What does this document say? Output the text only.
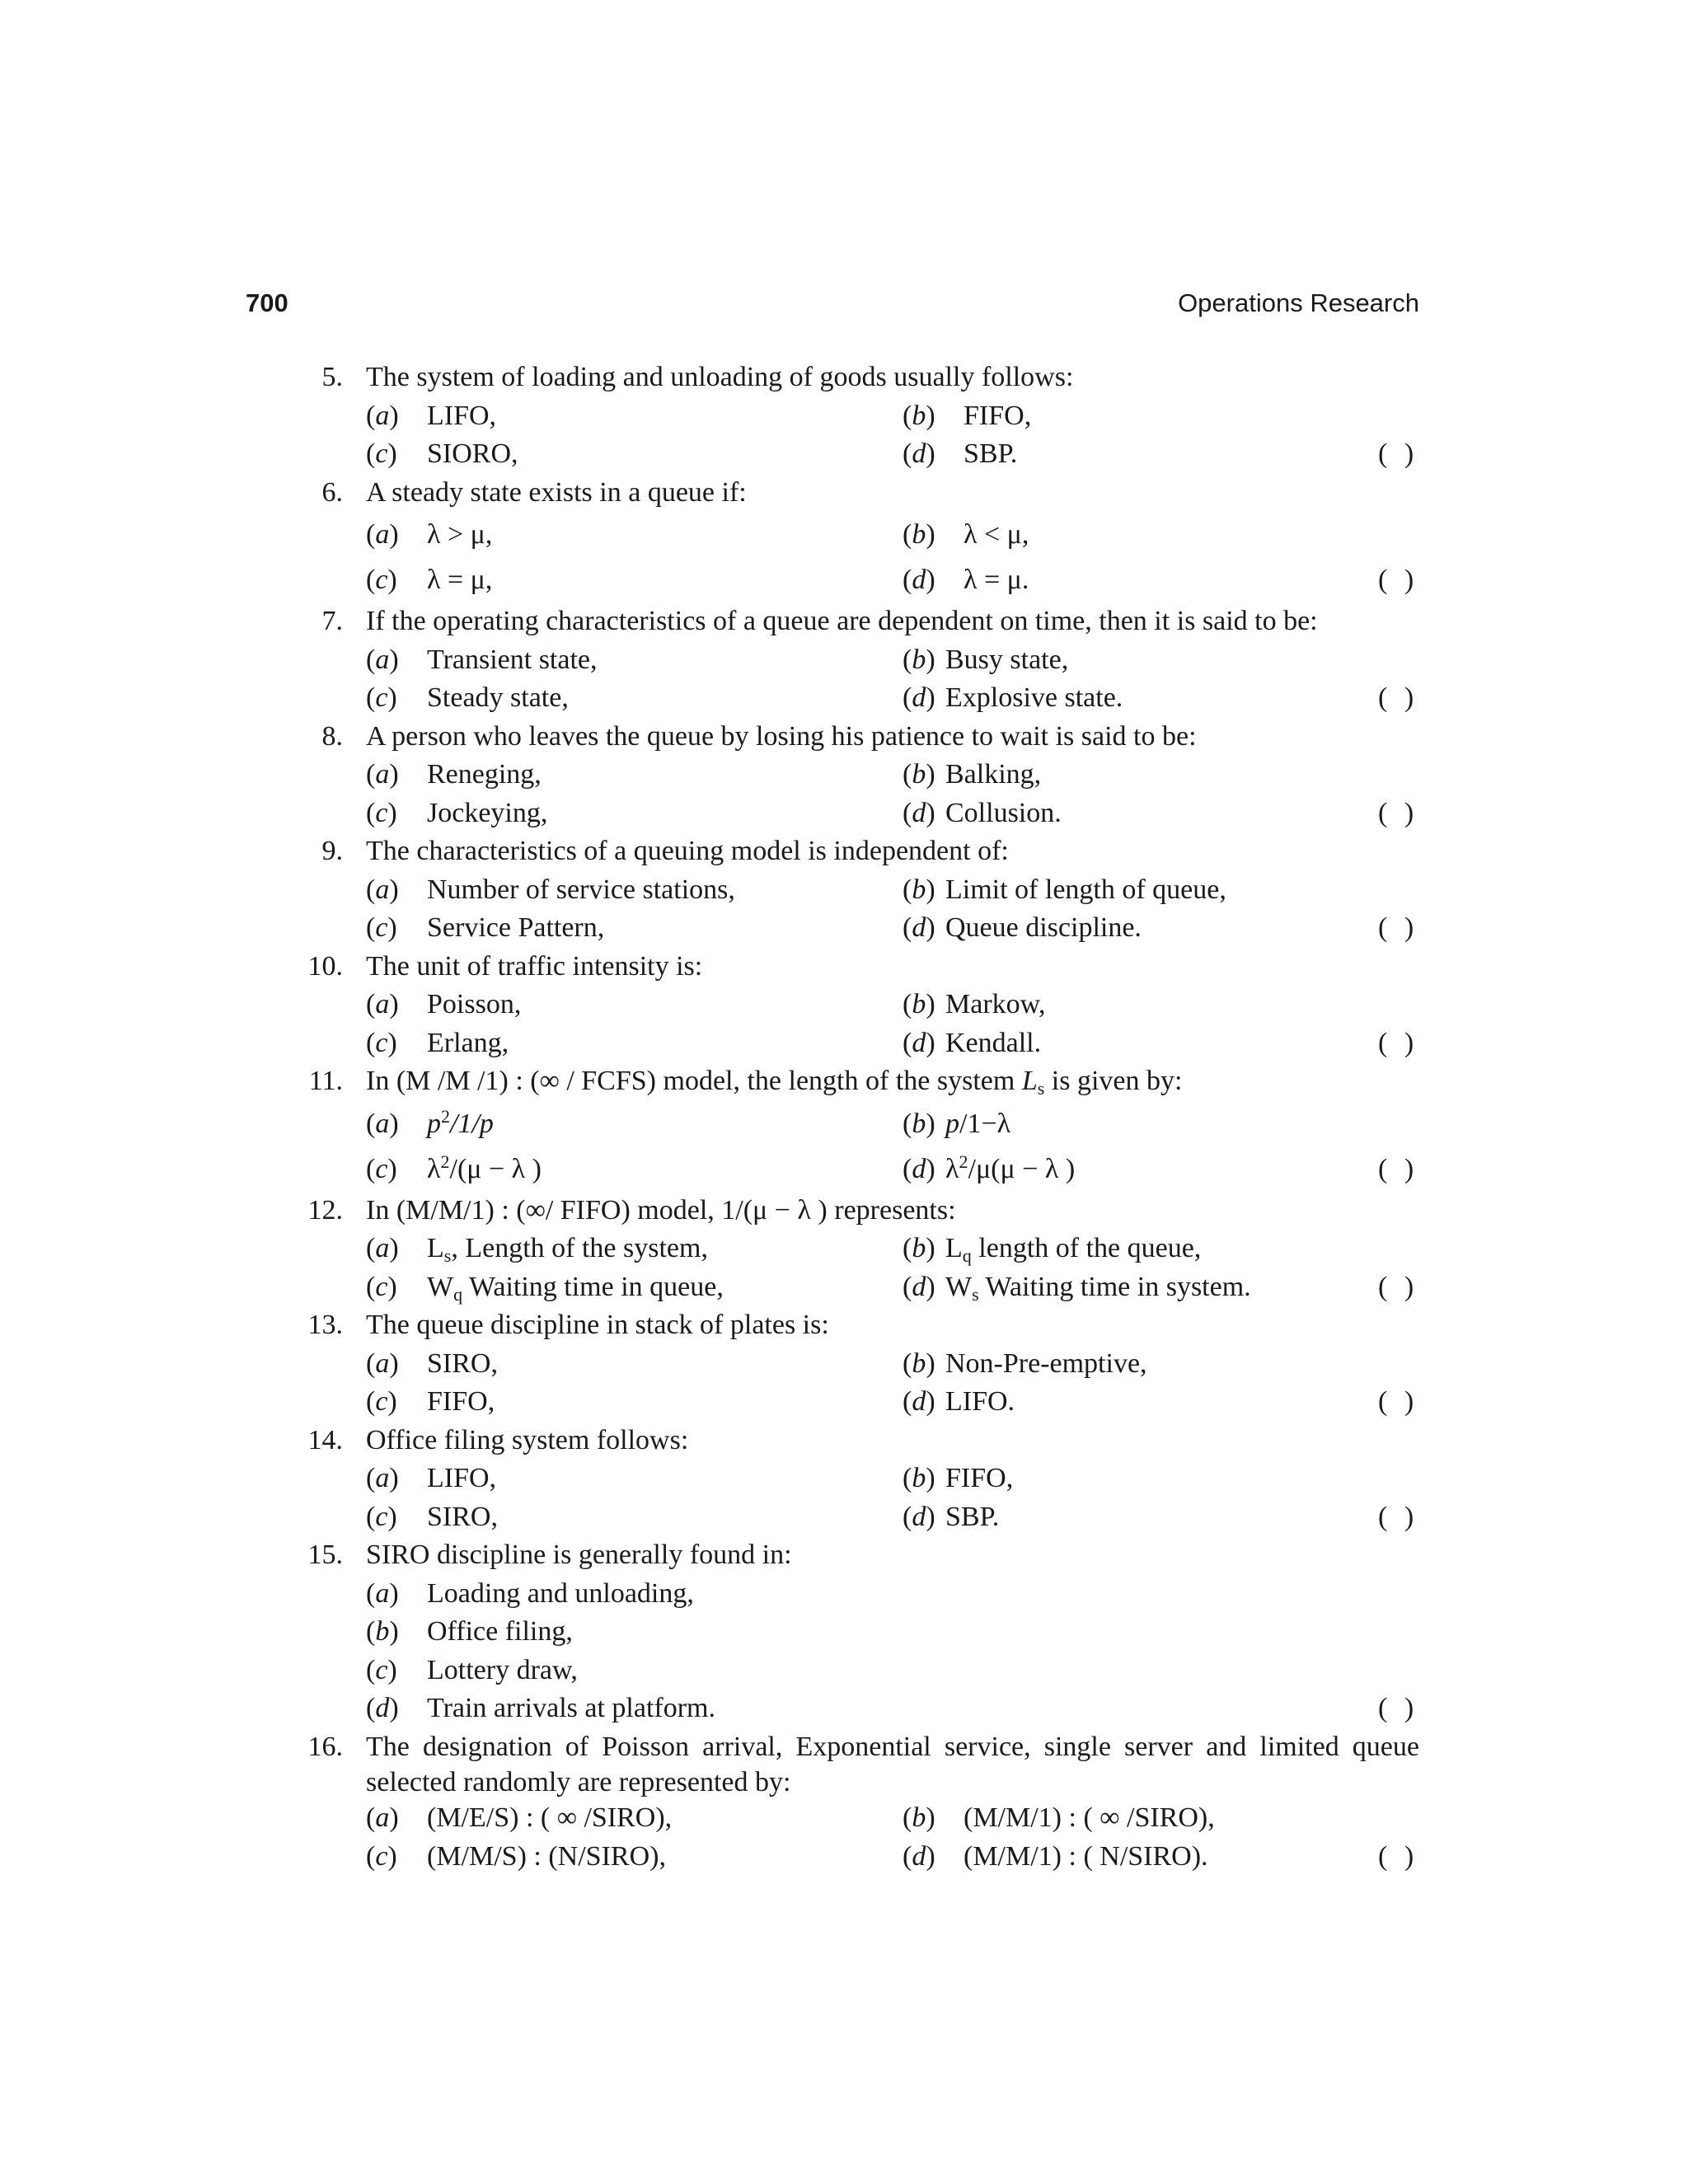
700	Operations Research
5. The system of loading and unloading of goods usually follows:
(a) LIFO,	(b) FIFO,
(c) SIORO,	(d) SBP.	( )
6. A steady state exists in a queue if:
(a) λ > μ,	(b) λ < μ,
(c) λ = μ,	(d) λ = μ.	( )
7. If the operating characteristics of a queue are dependent on time, then it is said to be:
(a) Transient state,	(b) Busy state,
(c) Steady state,	(d) Explosive state.	( )
8. A person who leaves the queue by losing his patience to wait is said to be:
(a) Reneging,	(b) Balking,
(c) Jockeying,	(d) Collusion.	( )
9. The characteristics of a queuing model is independent of:
(a) Number of service stations,	(b) Limit of length of queue,
(c) Service Pattern,	(d) Queue discipline.	( )
10. The unit of traffic intensity is:
(a) Poisson,	(b) Markow,
(c) Erlang,	(d) Kendall.	( )
11. In (M /M /1) : (∞ / FCFS) model, the length of the system $L_s$ is given by:
(a) $p^2/1/p$	(b) p/1−λ
(c) $\lambda^2/(\mu - \lambda$ )	(d) $\lambda^2/\mu(\mu - \lambda$ )	( )
12. In (M/M/1) : (∞/ FIFO) model, 1/(μ − λ ) represents:
(a) $L_s$, Length of the system,	(b) $L_q$ length of the queue,
(c) $W_q$ Waiting time in queue,	(d) $W_s$ Waiting time in system.	( )
13. The queue discipline in stack of plates is:
(a) SIRO,	(b) Non-Pre-emptive,
(c) FIFO,	(d) LIFO.	( )
14. Office filing system follows:
(a) LIFO,	(b) FIFO,
(c) SIRO,	(d) SBP.	( )
15. SIRO discipline is generally found in:
(a) Loading and unloading,
(b) Office filing,
(c) Lottery draw,
(d) Train arrivals at platform.	( )
16. The designation of Poisson arrival, Exponential service, single server and limited queue
selected randomly are represented by:
(a) (M/E/S) : ( ∞ /SIRO),	(b) (M/M/1) : ( ∞ /SIRO),
(c) (M/M/S) : (N/SIRO),	(d) (M/M/1) : ( N/SIRO).	( )
